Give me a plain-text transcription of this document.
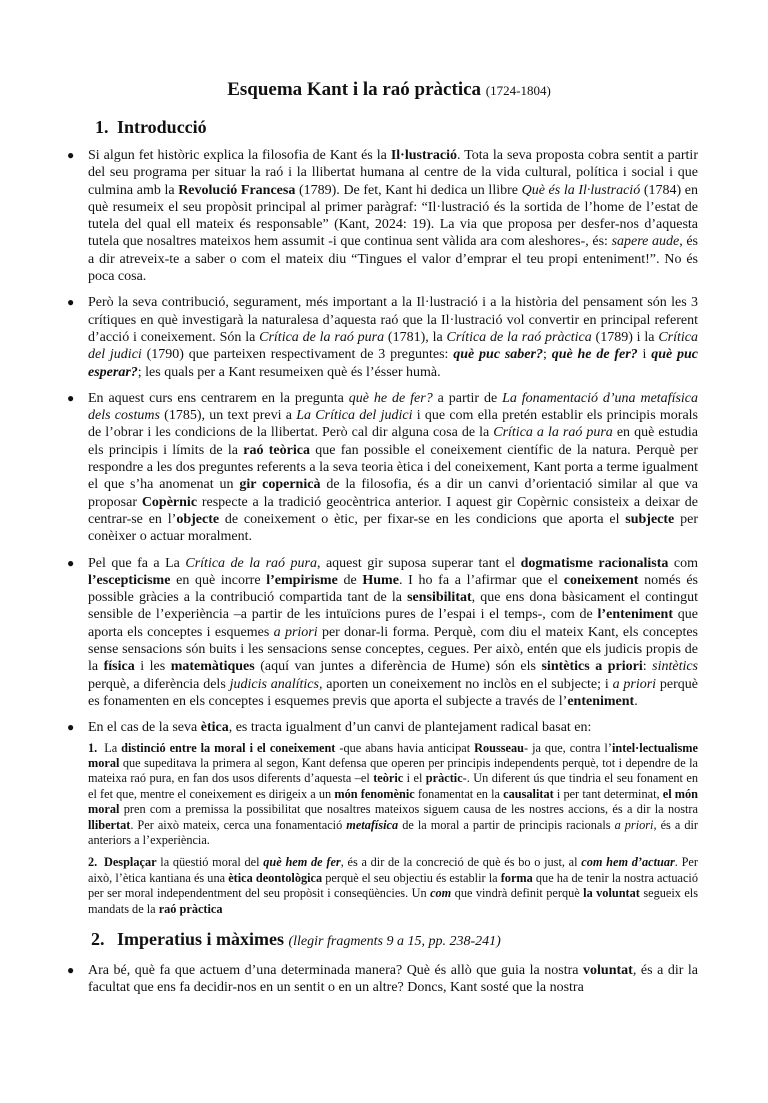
Esquema Kant i la raó pràctica (1724-1804)
1. Introducció
● Si algun fet històric explica la filosofia de Kant és la Il·lustració. Tota la seva proposta cobra sentit a partir del seu programa per situar la raó i la llibertat humana al centre de la vida cultural, política i social i que culmina amb la Revolució Francesa (1789). De fet, Kant hi dedica un llibre Què és la Il·lustració (1784) en què resumeix el seu propòsit principal al primer paràgraf: “Il·lustració és la sortida de l’home de l’estat de tutela del qual ell mateix és responsable” (Kant, 2024: 19). La via que proposa per desfer-nos d’aquesta tutela que nosaltres mateixos hem assumit -i que continua sent vàlida ara com aleshores-, és: sapere aude, és a dir atreveix-te a saber o com el mateix diu “Tingues el valor d’emprar el teu propi enteniment!”. No és poca cosa.
● Però la seva contribució, segurament, més important a la Il·lustració i a la història del pensament són les 3 crítiques en què investigarà la naturalesa d’aquesta raó que la Il·lustració vol convertir en principal referent d’acció i coneixement. Són la Crítica de la raó pura (1781), la Crítica de la raó pràctica (1789) i la Crítica del judici (1790) que parteixen respectivament de 3 preguntes: què puc saber?; què he de fer? i què puc esperar?; les quals per a Kant resumeixen què és l’ésser humà.
● En aquest curs ens centrarem en la pregunta què he de fer? a partir de La fonamentació d’una metafísica dels costums (1785), un text previ a La Crítica del judici i que com ella pretén establir els principis morals de l’obrar i les condicions de la llibertat. Però cal dir alguna cosa de la Crítica a la raó pura en què estudia els principis i límits de la raó teòrica que fan possible el coneixement científic de la natura. Perquè per respondre a les dos preguntes referents a la seva teoria ètica i del coneixement, Kant porta a terme igualment el que s’ha anomenat un gir copernicà de la filosofia, és a dir un canvi d’orientació similar al que va proposar Copèrnic respecte a la tradició geocèntrica anterior. I aquest gir Copèrnic consisteix a deixar de centrar-se en l’objecte de coneixement o ètic, per fixar-se en les condicions que aporta el subjecte per conèixer o actuar moralment.
● Pel que fa a La Crítica de la raó pura, aquest gir suposa superar tant el dogmatisme racionalista com l’escepticisme en què incorre l’empirisme de Hume. I ho fa a l’afirmar que el coneixement només és possible gràcies a la contribució compartida tant de la sensibilitat, que ens dona bàsicament el contingut sensible de l’experiència –a partir de les intuïcions pures de l’espai i el temps-, com de l’enteniment que aporta els conceptes i esquemes a priori per donar-li forma. Perquè, com diu el mateix Kant, els conceptes sense sensacions són buits i les sensacions sense conceptes, cegues. Per això, entén que els judicis propis de la física i les matemàtiques (aquí van juntes a diferència de Hume) són els sintètics a priori: sintètics perquè, a diferència dels judicis analítics, aporten un coneixement no inclòs en el subjecte; i a priori perquè es fonamenten en els conceptes i esquemes previs que aporta el subjecte a través de l’enteniment.
● En el cas de la seva ètica, es tracta igualment d’un canvi de plantejament radical basat en:
1. La distinció entre la moral i el coneixement -que abans havia anticipat Rousseau- ja que, contra l’intel·lectualisme moral que supeditava la primera al segon, Kant defensa que operen per principis independents perquè, tot i dependre de la mateixa raó pura, en fan dos usos diferents d’aquesta –el teòric i el pràctic-. Un diferent ús que tindria el seu fonament en el fet que, mentre el coneixement es dirigeix a un món fenomènic fonamentat en la causalitat i per tant determinat, el món moral pren com a premissa la possibilitat que nosaltres mateixos siguem causa de les nostres accions, és a dir la nostra llibertat. Per això mateix, cerca una fonamentació metafísica de la moral a partir de principis racionals a priori, és a dir anteriors a l’experiència.
2. Desplaçar la qüestió moral del què hem de fer, és a dir de la concreció de què és bo o just, al com hem d’actuar. Per això, l’ètica kantiana és una ètica deontològica perquè el seu objectiu és establir la forma que ha de tenir la nostra actuació per ser moral independentment del seu propòsit i conseqüències. Un com que vindrà definit perquè la voluntat segueix els mandats de la raó pràctica
2. Imperatius i màximes (llegir fragments 9 a 15, pp. 238-241)
● Ara bé, què fa que actuem d’una determinada manera? Què és allò que guia la nostra voluntat, és a dir la facultat que ens fa decidir-nos en un sentit o en un altre? Doncs, Kant sosté que la nostra
